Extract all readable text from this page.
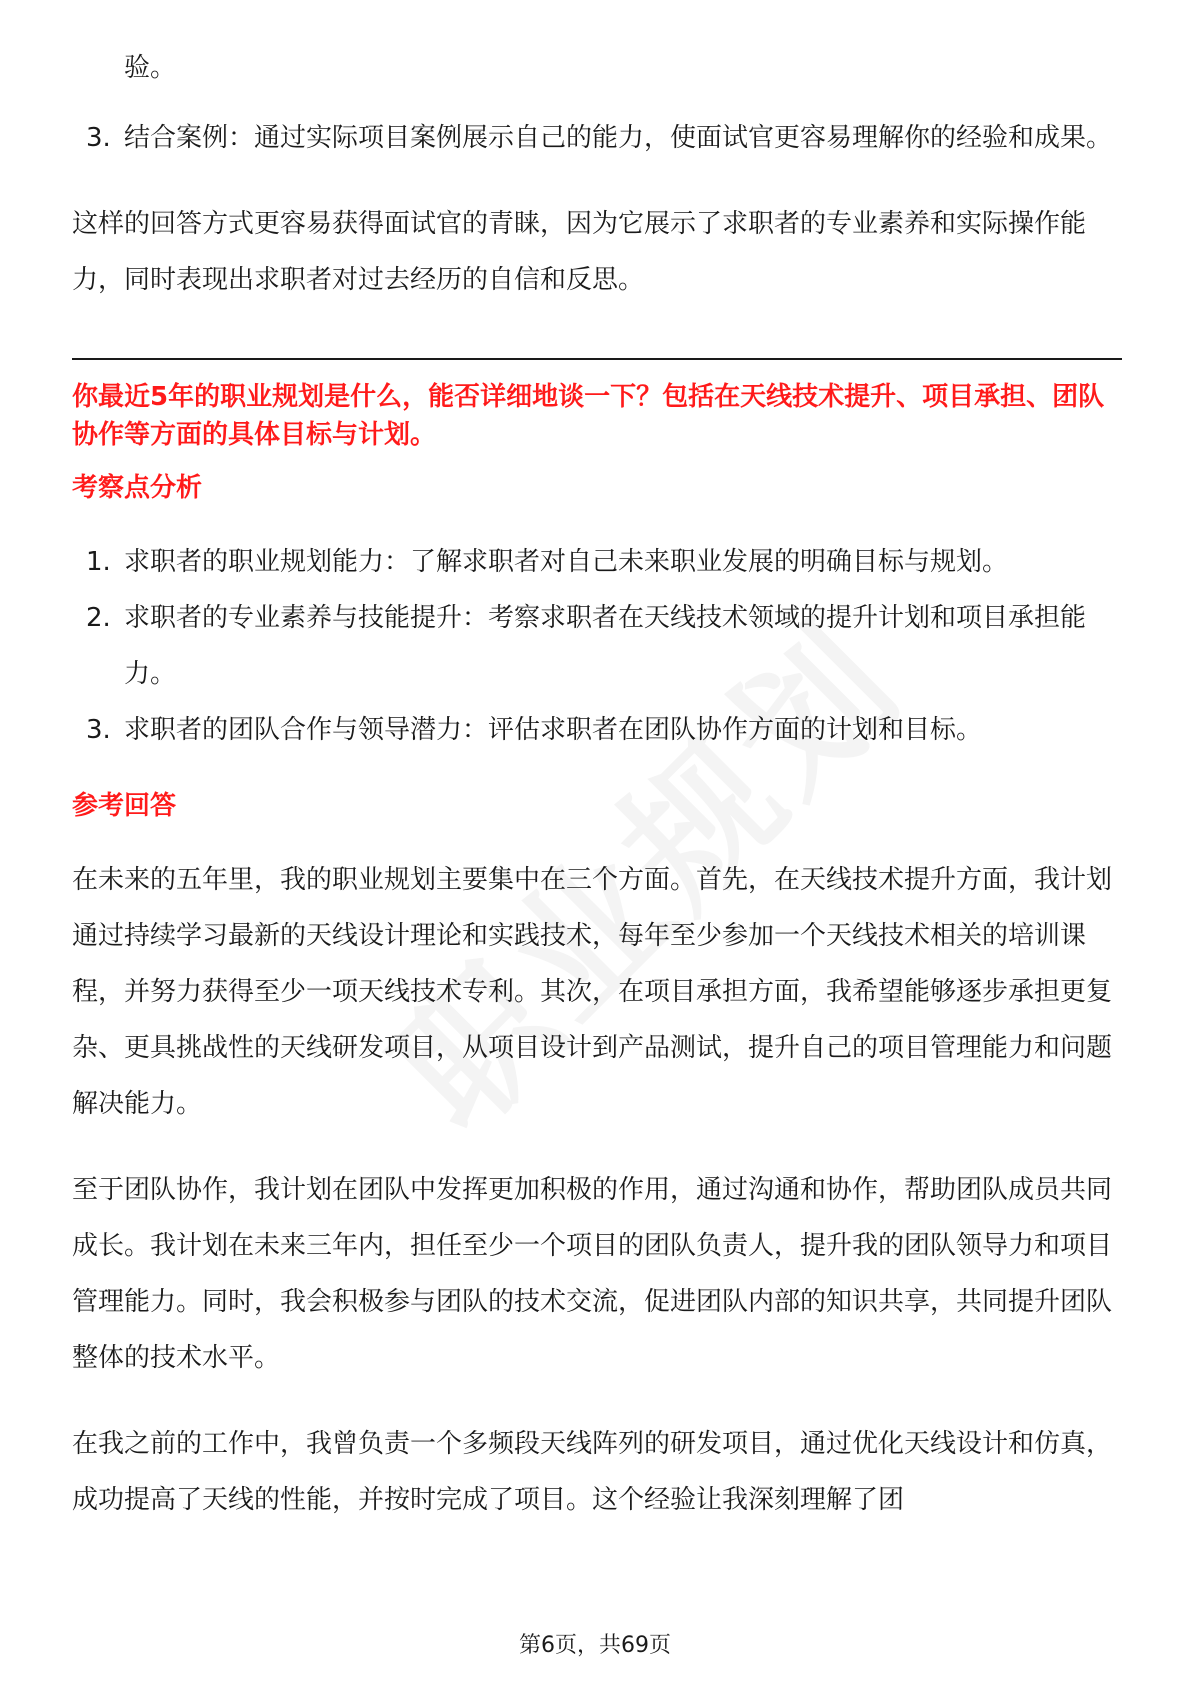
验。

3. 结合案例：通过实际项目案例展示自己的能力，使面试官更容易理解你的经验和成果。

这样的回答方式更容易获得面试官的青睐，因为它展示了求职者的专业素养和实际操作能力，同时表现出求职者对过去经历的自信和反思。

你最近5年的职业规划是什么，能否详细地谈一下？包括在天线技术提升、项目承担、团队协作等方面的具体目标与计划。

考察点分析
1. 求职者的职业规划能力：了解求职者对自己未来职业发展的明确目标与规划。
2. 求职者的专业素养与技能提升：考察求职者在天线技术领域的提升计划和项目承担能力。
3. 求职者的团队合作与领导潜力：评估求职者在团队协作方面的计划和目标。
参考回答

在未来的五年里，我的职业规划主要集中在三个方面。首先，在天线技术提升方面，我计划通过持续学习最新的天线设计理论和实践技术，每年至少参加一个天线技术相关的培训课程，并努力获得至少一项天线技术专利。其次，在项目承担方面，我希望能够逐步承担更复杂、更具挑战性的天线研发项目，从项目设计到产品测试，提升自己的项目管理能力和问题解决能力。

至于团队协作，我计划在团队中发挥更加积极的作用，通过沟通和协作，帮助团队成员共同成长。我计划在未来三年内，担任至少一个项目的团队负责人，提升我的团队领导力和项目管理能力。同时，我会积极参与团队的技术交流，促进团队内部的知识共享，共同提升团队整体的技术水平。

在我之前的工作中，我曾负责一个多频段天线阵列的研发项目，通过优化天线设计和仿真，成功提高了天线的性能，并按时完成了项目。这个经验让我深刻理解了团

第6页，共69页
